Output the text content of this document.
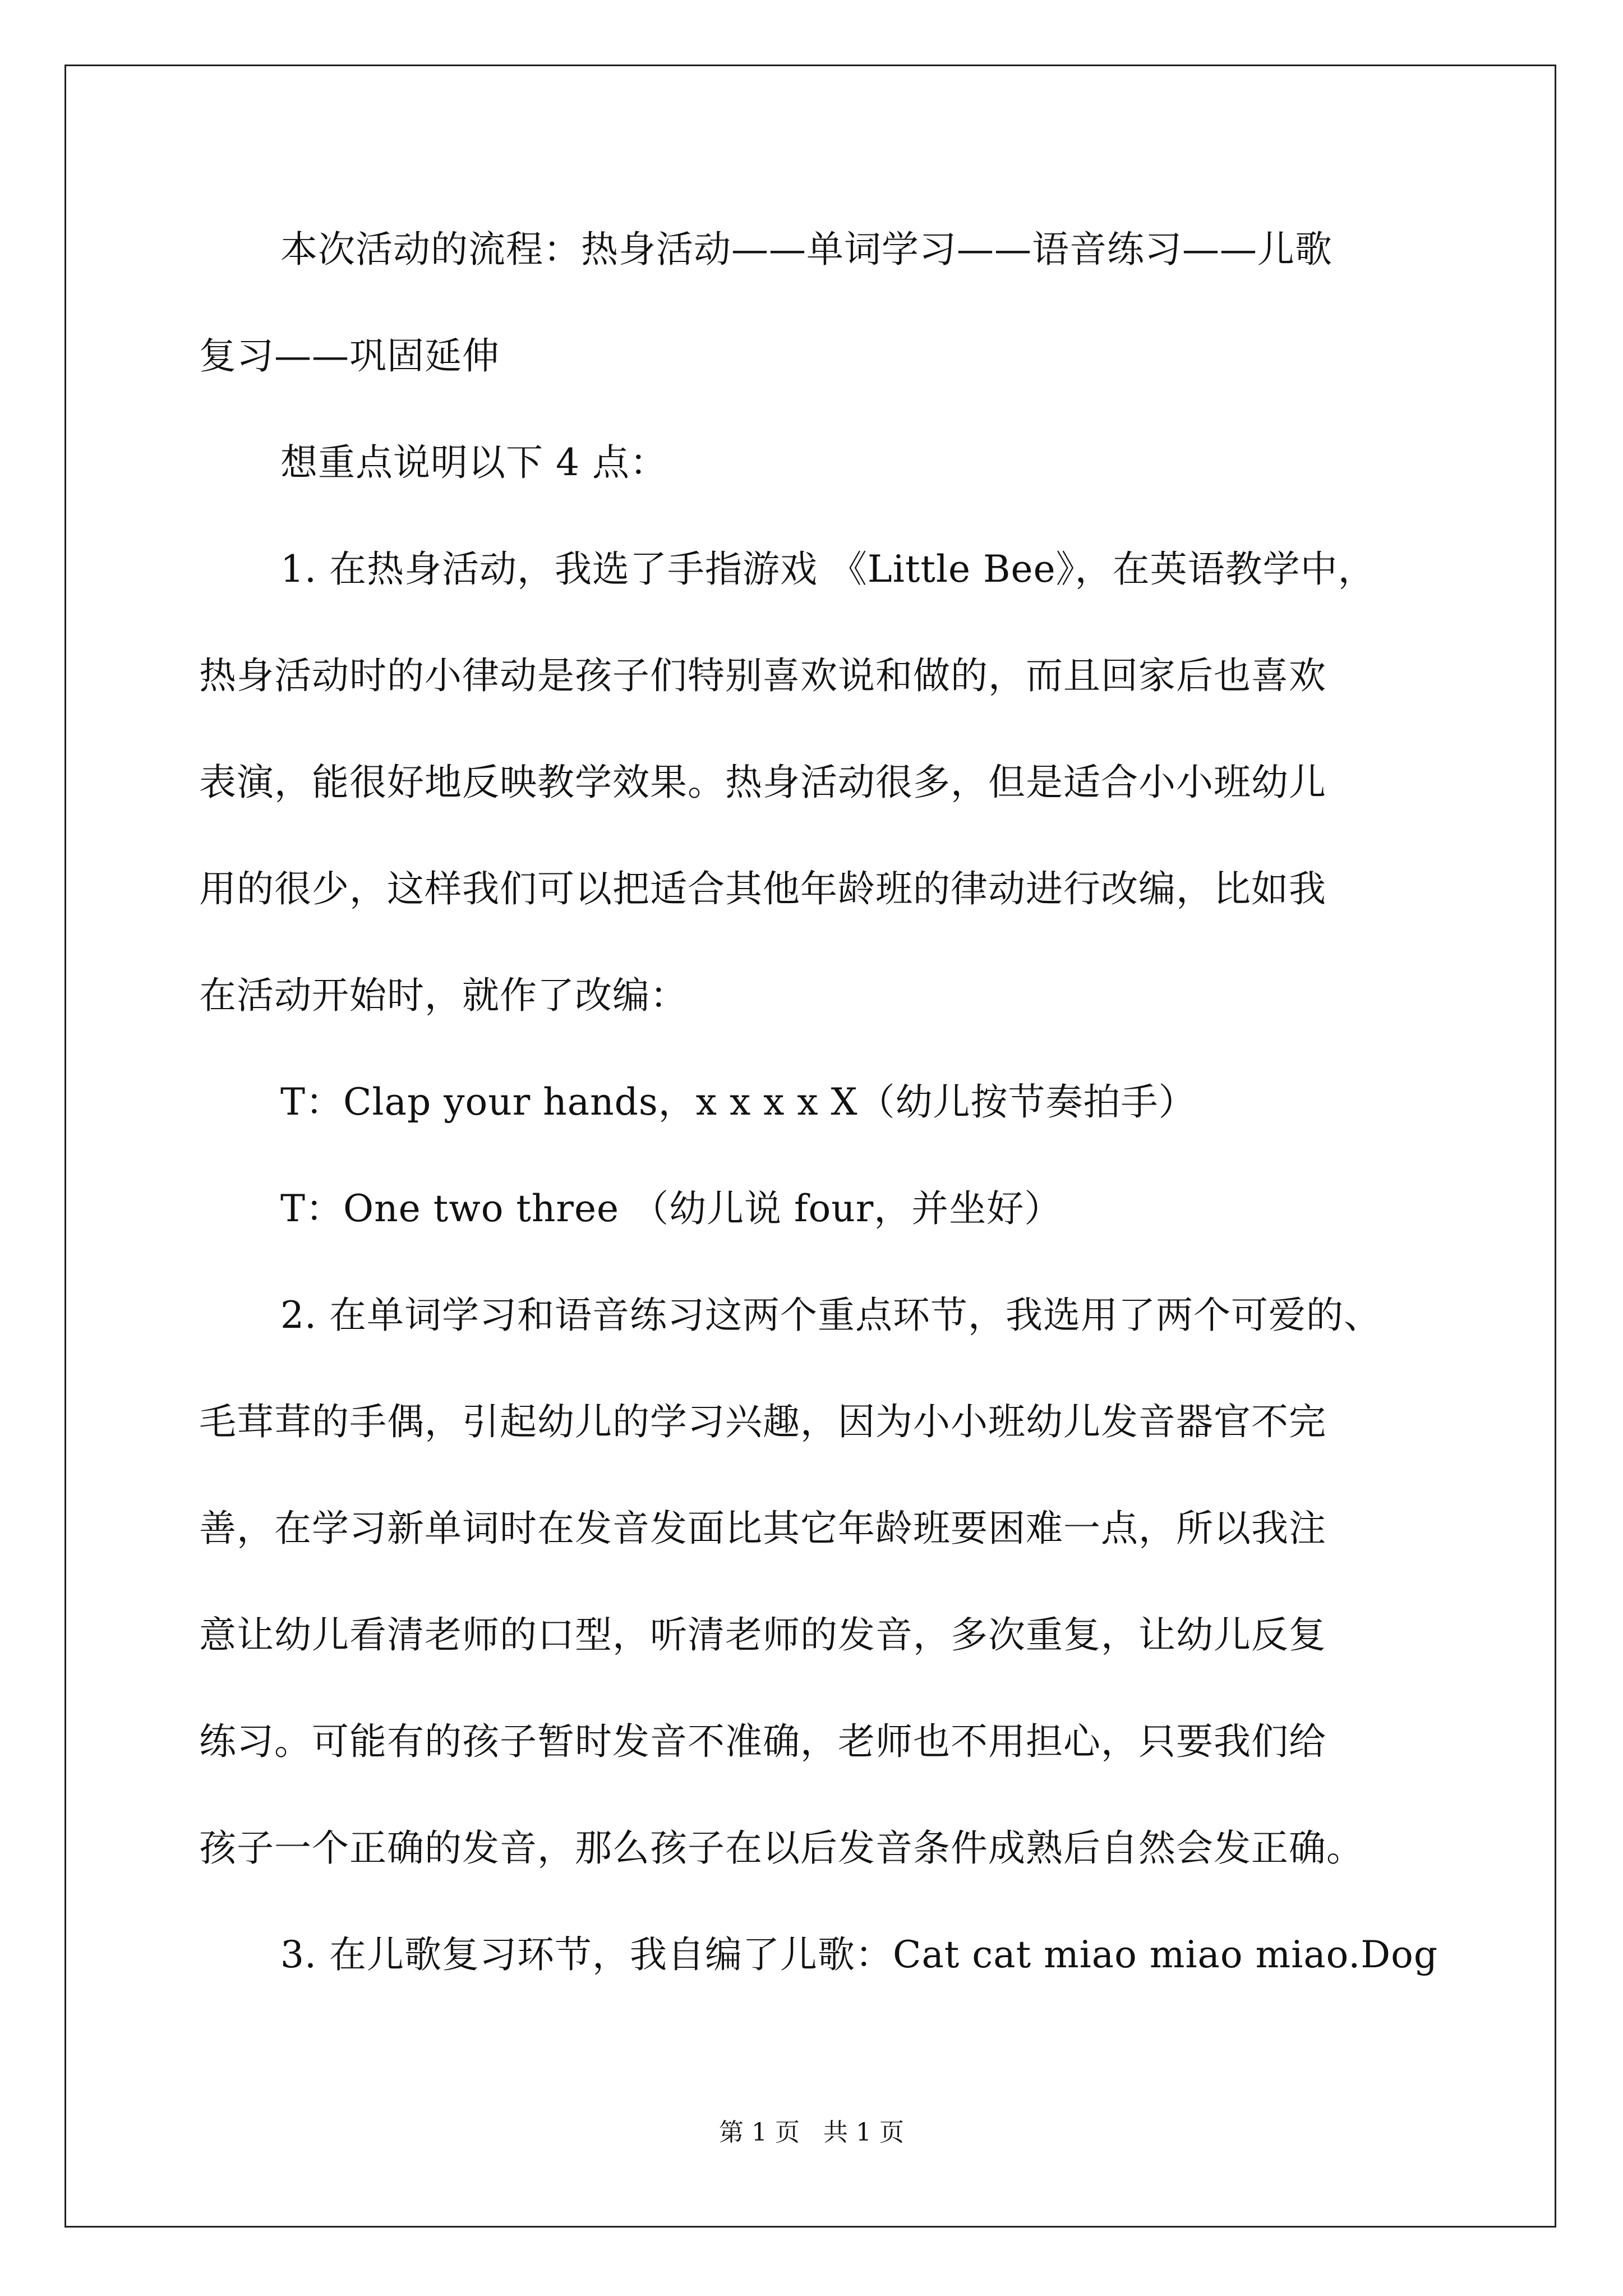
本次活动的流程：热身活动——单词学习——语音练习——儿歌
复习——巩固延伸
想重点说明以下 4 点：
1. 在热身活动，我选了手指游戏 《Little Bee》，在英语教学中，
热身活动时的小律动是孩子们特别喜欢说和做的，而且回家后也喜欢
表演，能很好地反映教学效果。热身活动很多，但是适合小小班幼儿
用的很少，这样我们可以把适合其他年龄班的律动进行改编，比如我
在活动开始时，就作了改编：
T：Clap your hands，x x x x X（幼儿按节奏拍手）
T：One two three （幼儿说 four，并坐好）
2. 在单词学习和语音练习这两个重点环节，我选用了两个可爱的、
毛茸茸的手偶，引起幼儿的学习兴趣，因为小小班幼儿发音器官不完
善，在学习新单词时在发音发面比其它年龄班要困难一点，所以我注
意让幼儿看清老师的口型，听清老师的发音，多次重复，让幼儿反复
练习。可能有的孩子暂时发音不准确，老师也不用担心，只要我们给
孩子一个正确的发音，那么孩子在以后发音条件成熟后自然会发正确。
3. 在儿歌复习环节，我自编了儿歌：Cat cat miao miao miao.Dog
第 1 页 共 1 页
